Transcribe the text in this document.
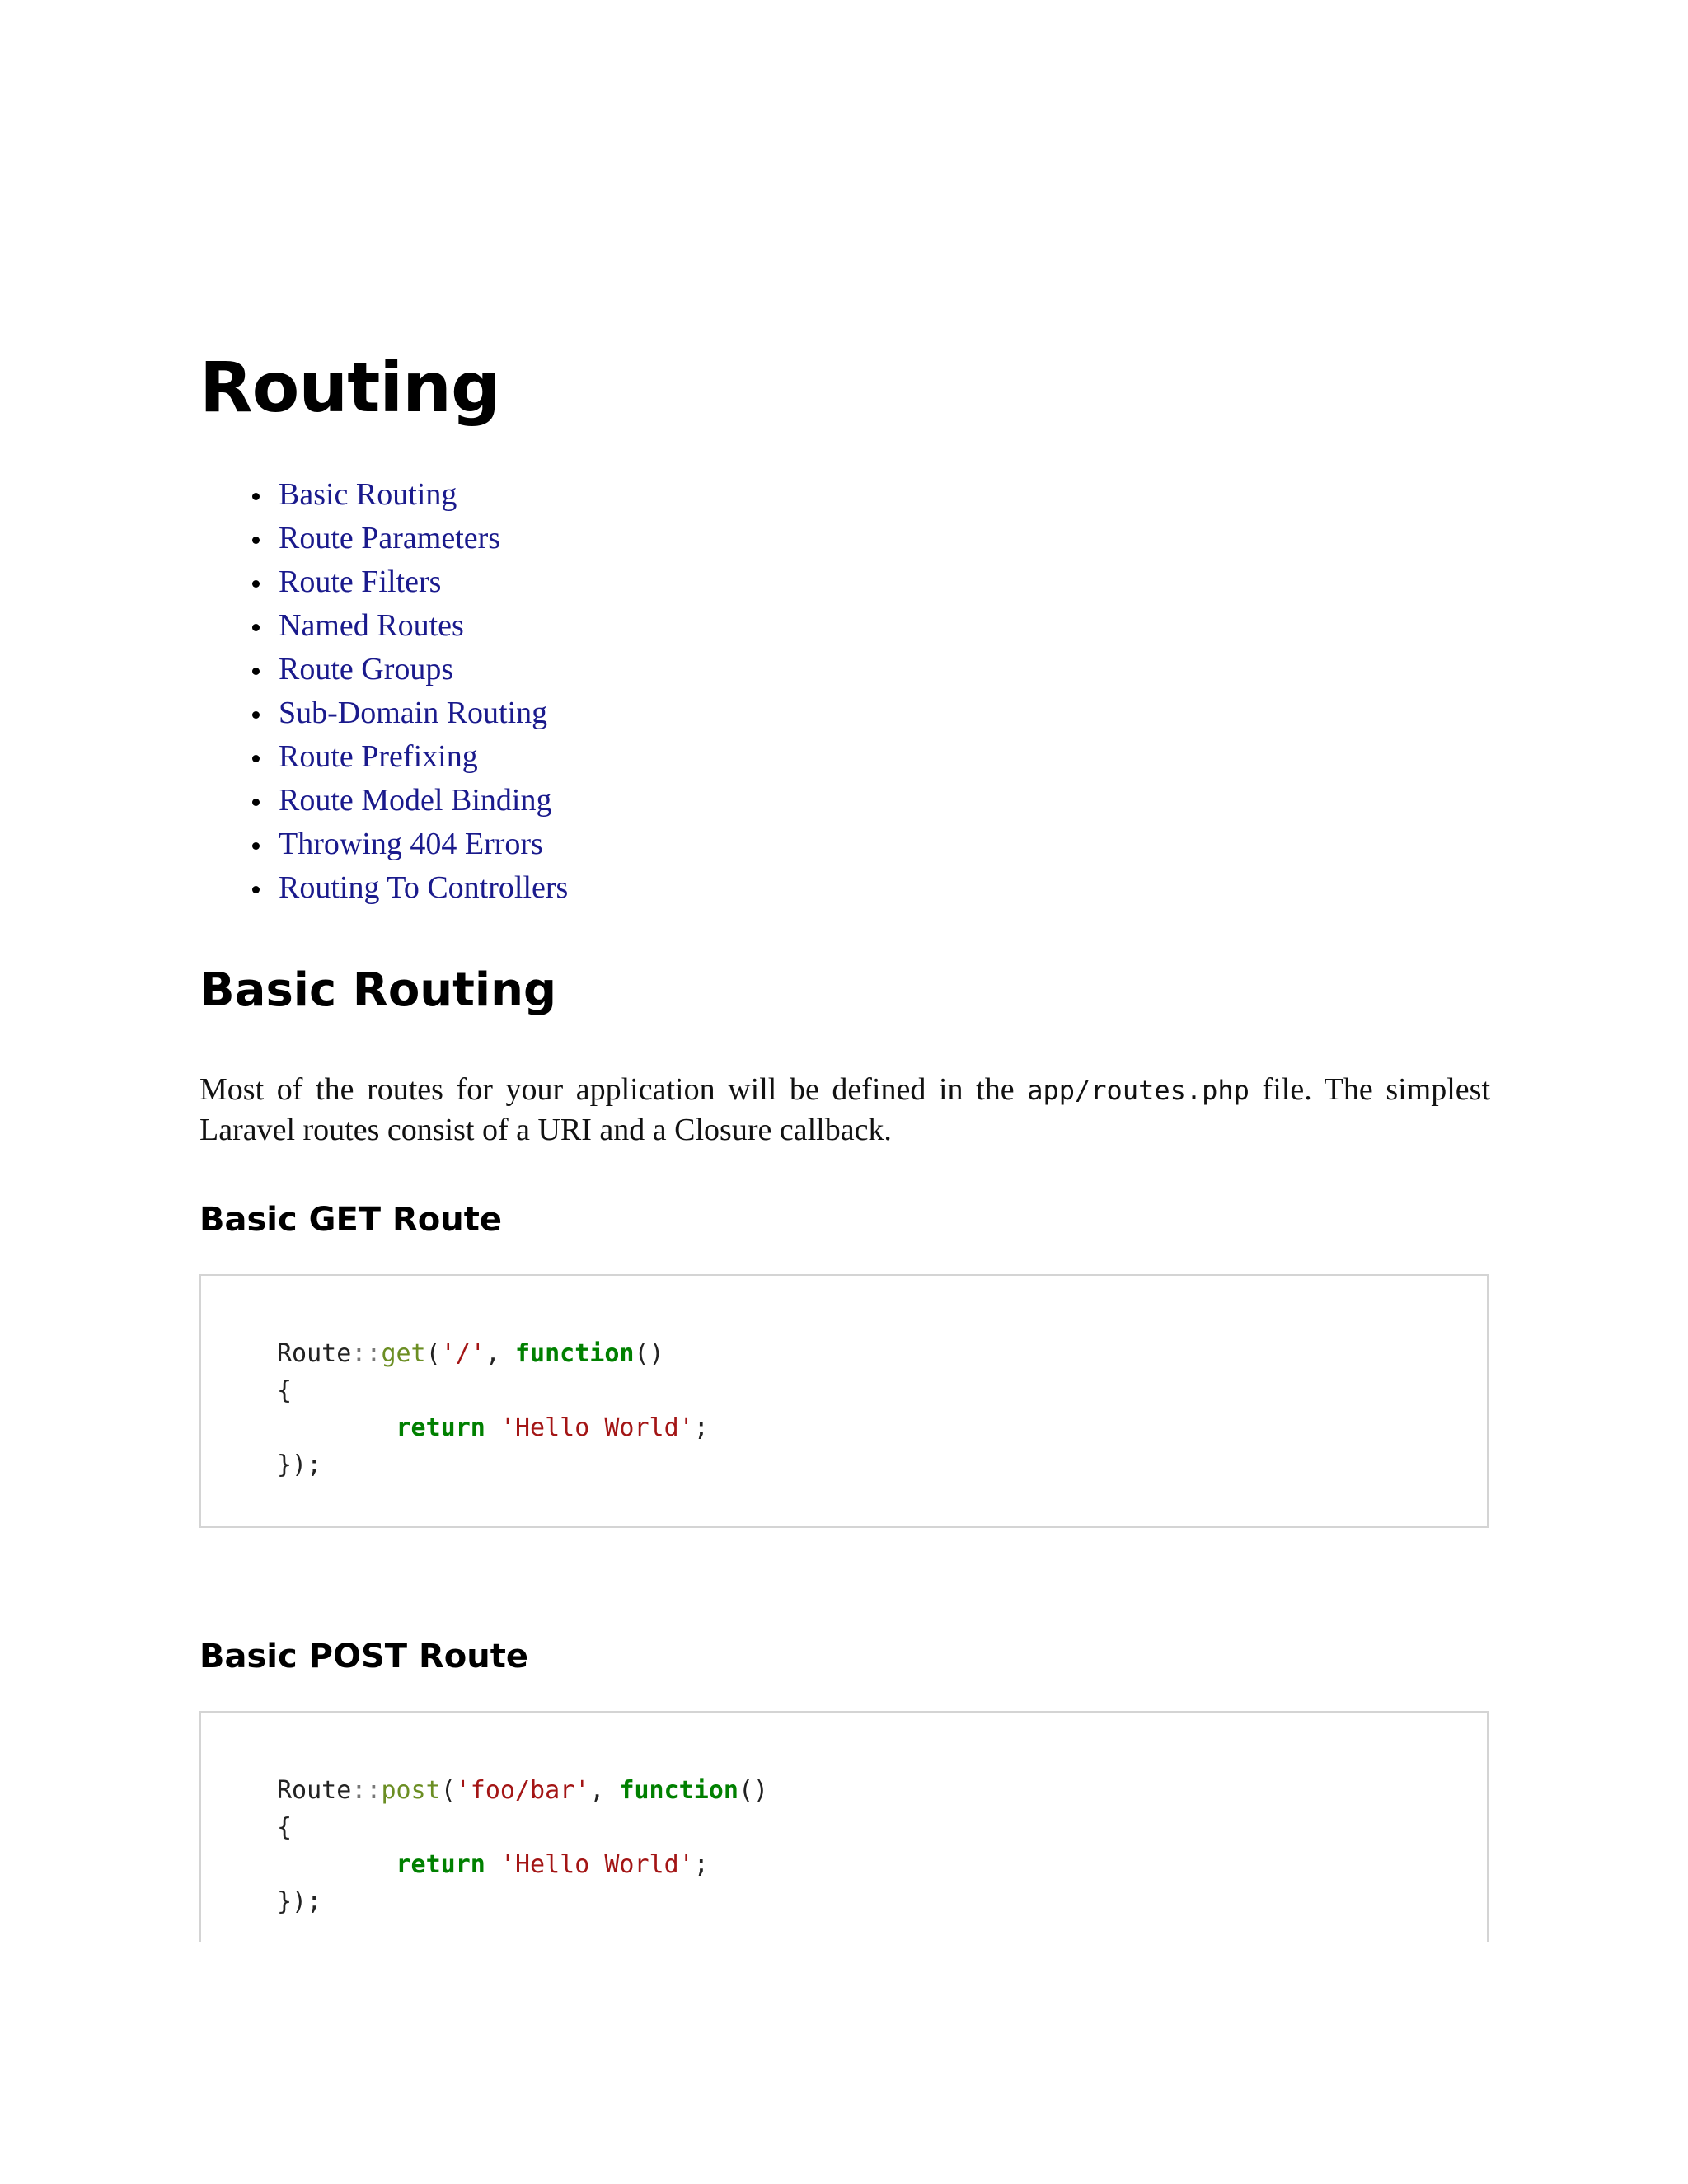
Routing
Basic Routing
Route Parameters
Route Filters
Named Routes
Route Groups
Sub-Domain Routing
Route Prefixing
Route Model Binding
Throwing 404 Errors
Routing To Controllers
Basic Routing

Most of the routes for your application will be defined in the app/routes.php file. The simplest Laravel routes consist of a URI and a Closure callback.

Basic GET Route
Route::get('/', function()
{
return 'Hello World';
});
Basic POST Route
Route::post('foo/bar', function()
{
return 'Hello World';
});
